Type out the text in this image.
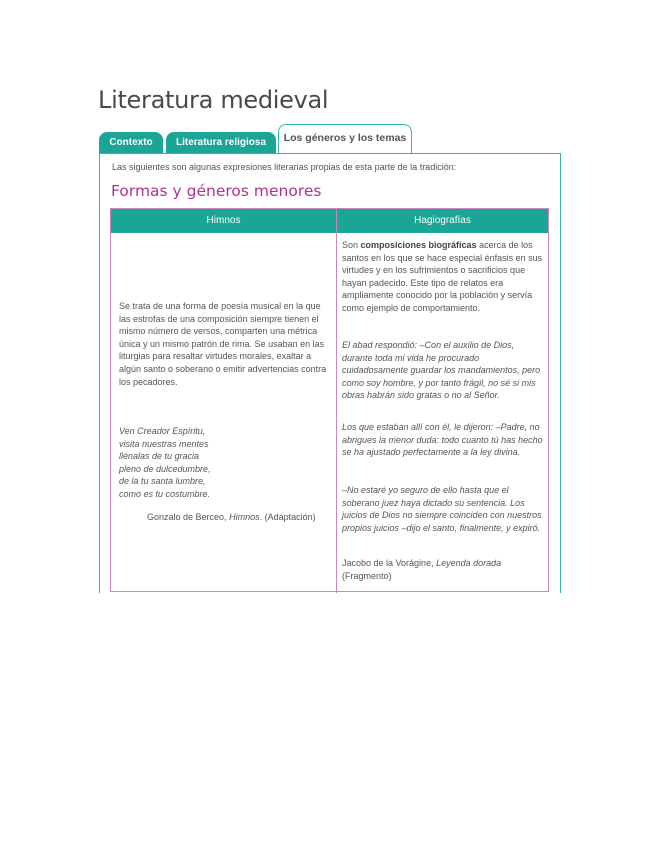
Literatura medieval
Contexto	Literatura religiosa	Los géneros y los temas
Las siguientes son algunas expresiones literarias propias de esta parte de la tradición:
Formas y géneros menores
Himnos	Hagiografías
Se trata de una forma de poesía musical en la que las estrofas de una composición siempre tienen el mismo número de versos, comparten una métrica única y un mismo patrón de rima. Se usaban en las liturgias para resaltar virtudes morales, exaltar a algún santo o soberano o emitir advertencias contra los pecadores.
Ven Creador Espíritu,
visita nuestras mentes
llénalas de tu gracia
pleno de dulcedumbre,
de la tu santa lumbre,
como es tu costumbre.
Gonzalo de Berceo, Himnos. (Adaptación)
Son composiciones biográficas acerca de los santos en los que se hace especial énfasis en sus virtudes y en los sufrimientos o sacrificios que hayan padecido. Este tipo de relatos era ampliamente conocido por la población y servía como ejemplo de comportamiento.
El abad respondió: –Con el auxilio de Dios, durante toda mi vida he procurado cuidadosamente guardar los mandamientos, pero como soy hombre, y por tanto frágil, no sé si mis obras habrán sido gratas o no al Señor.
Los que estaban allí con él, le dijeron: –Padre, no abrigues la menor duda: todo cuanto tú has hecho se ha ajustado perfectamente a la ley divina.
–No estaré yo seguro de ello hasta que el soberano juez haya dictado su sentencia. Los juicios de Dios no siempre coinciden con nuestros propios juicios –dijo el santo, finalmente, y expiró.
Jacobo de la Vorágine, Leyenda dorada
(Fragmento)
